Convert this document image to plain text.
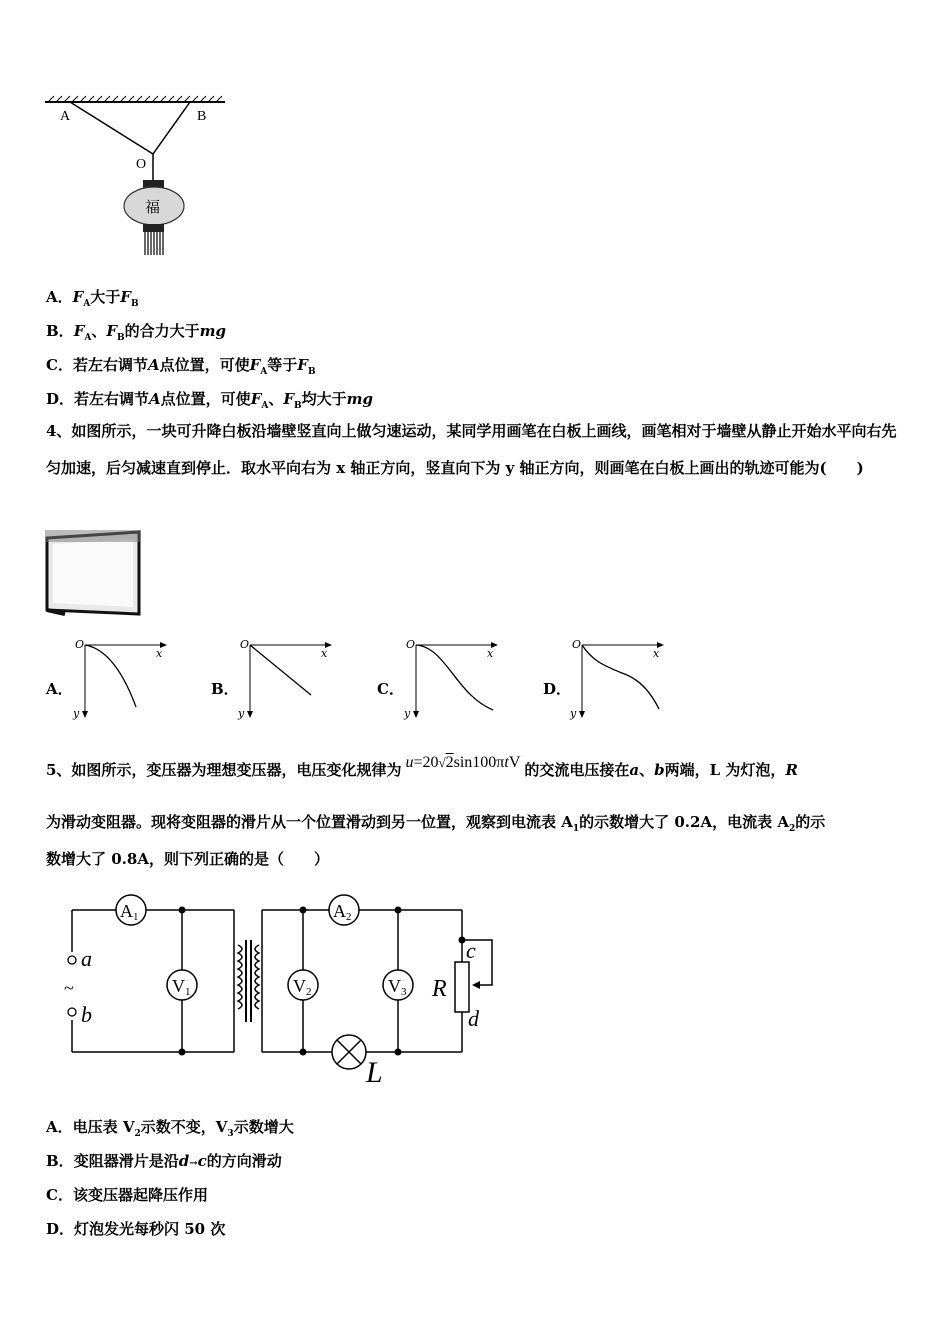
A	B
O
福
A．$F_A$大于$F_B$
B．$F_A$、$F_B$的合力大于mg
C．若左右调节A点位置，可使$F_A$等于$F_B$
D．若左右调节A点位置，可使$F_A$、$F_B$均大于mg
4、如图所示，一块可升降白板沿墙壁竖直向上做匀速运动，某同学用画笔在白板上画线，画笔相对于墙壁从静止开始水平向右先匀加速，后匀减速直到停止．取水平向右为 x 轴正方向，竖直向下为 y 轴正方向，则画笔在白板上画出的轨迹可能为(　　)
A．	B．	C．	D．
O
x
y
O
x
y
O
x
y
O
x
y
5、如图所示，变压器为理想变压器，电压变化规律为 u=20√2sin100πtV 的交流电压接在a、b两端，L 为灯泡，R
为滑动变阻器。现将变阻器的滑片从一个位置滑动到另一位置，观察到电流表 $A_1$的示数增大了 0.2A，电流表 $A_2$的示
数增大了 0.8A，则下列正确的是（　　）
a
b
~
A1	A2
V1	V2	V3 R
c
d
L
A．电压表 $V_2$示数不变，$V_3$示数增大
B．变阻器滑片是沿d→c的方向滑动
C．该变压器起降压作用
D．灯泡发光每秒闪 50 次
